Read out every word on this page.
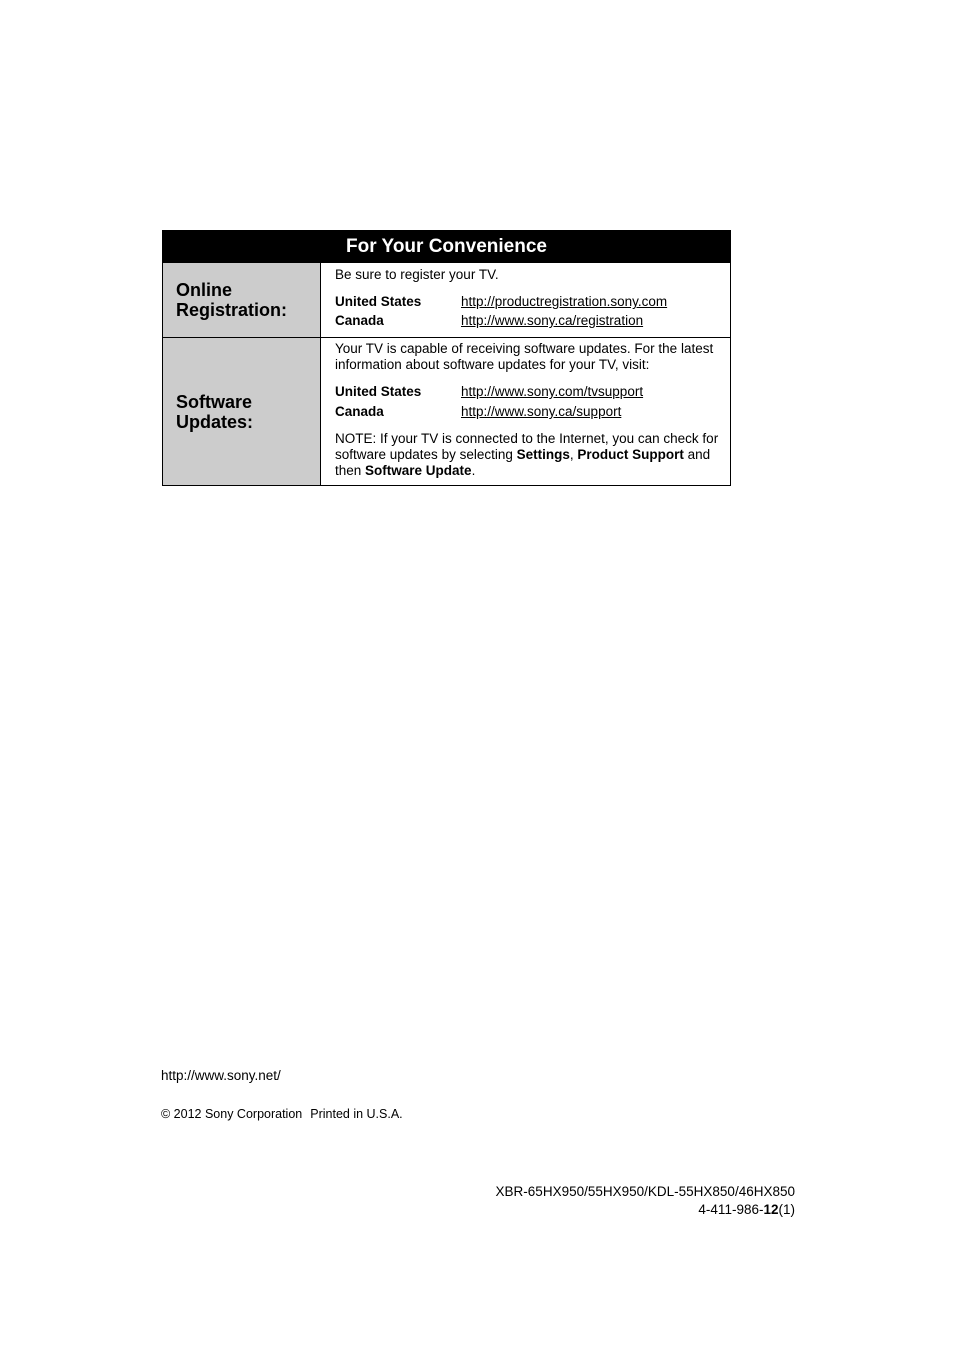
For Your Convenience
Online Registration:
Be sure to register your TV.
United States	http://productregistration.sony.com
Canada	http://www.sony.ca/registration
Software Updates:
Your TV is capable of receiving software updates. For the latest information about software updates for your TV, visit:
United States	http://www.sony.com/tvsupport
Canada	http://www.sony.ca/support
NOTE: If your TV is connected to the Internet, you can check for software updates by selecting Settings, Product Support and then Software Update.
http://www.sony.net/
© 2012 Sony Corporation Printed in U.S.A.
XBR-65HX950/55HX950/KDL-55HX850/46HX850
4-411-986-12(1)
